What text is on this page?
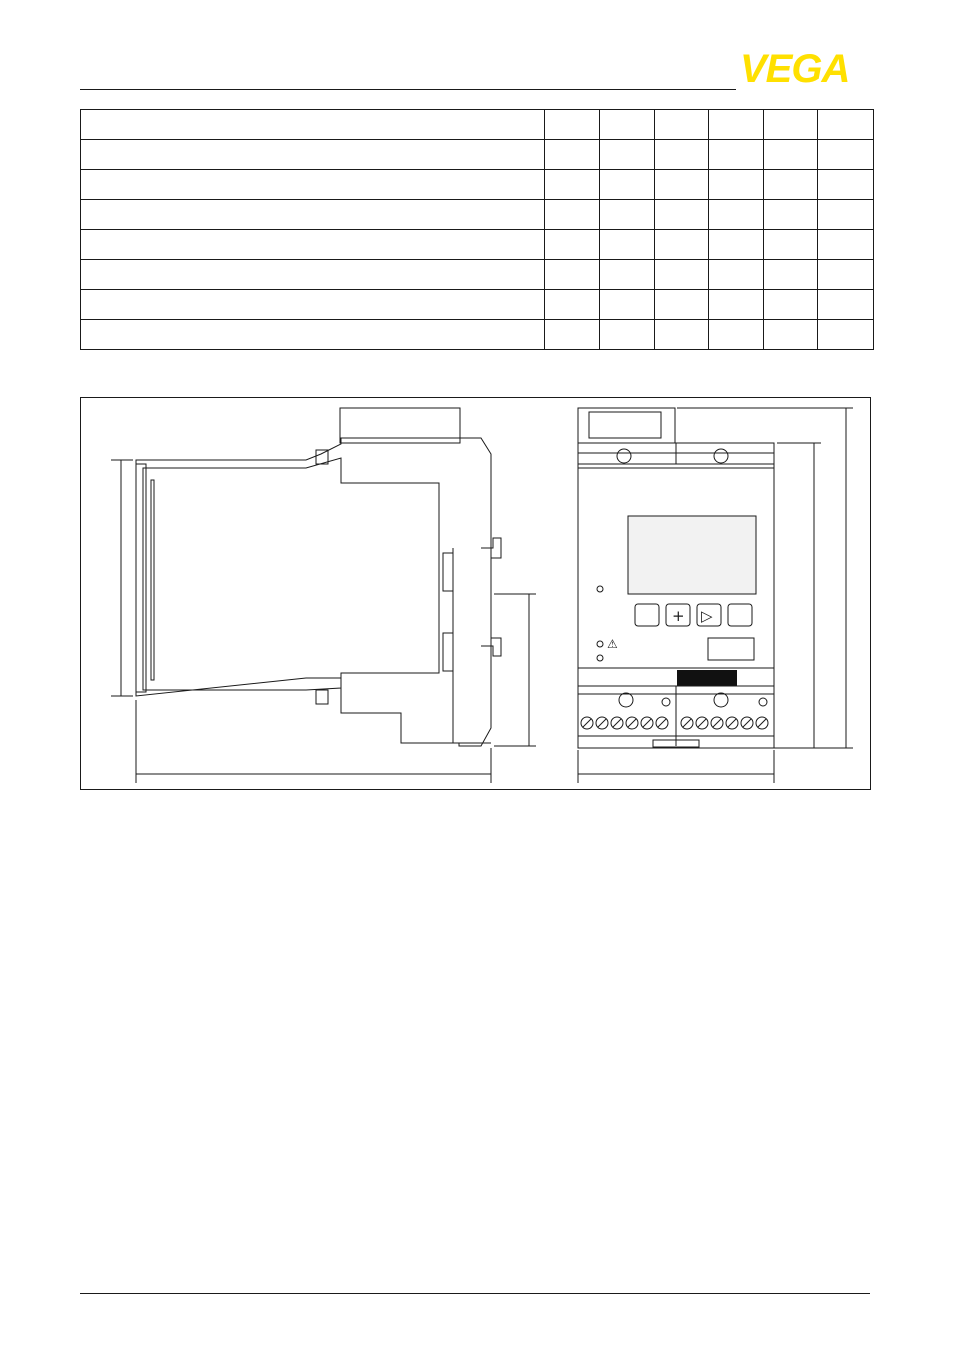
VEGA

⚠
+ ▷
